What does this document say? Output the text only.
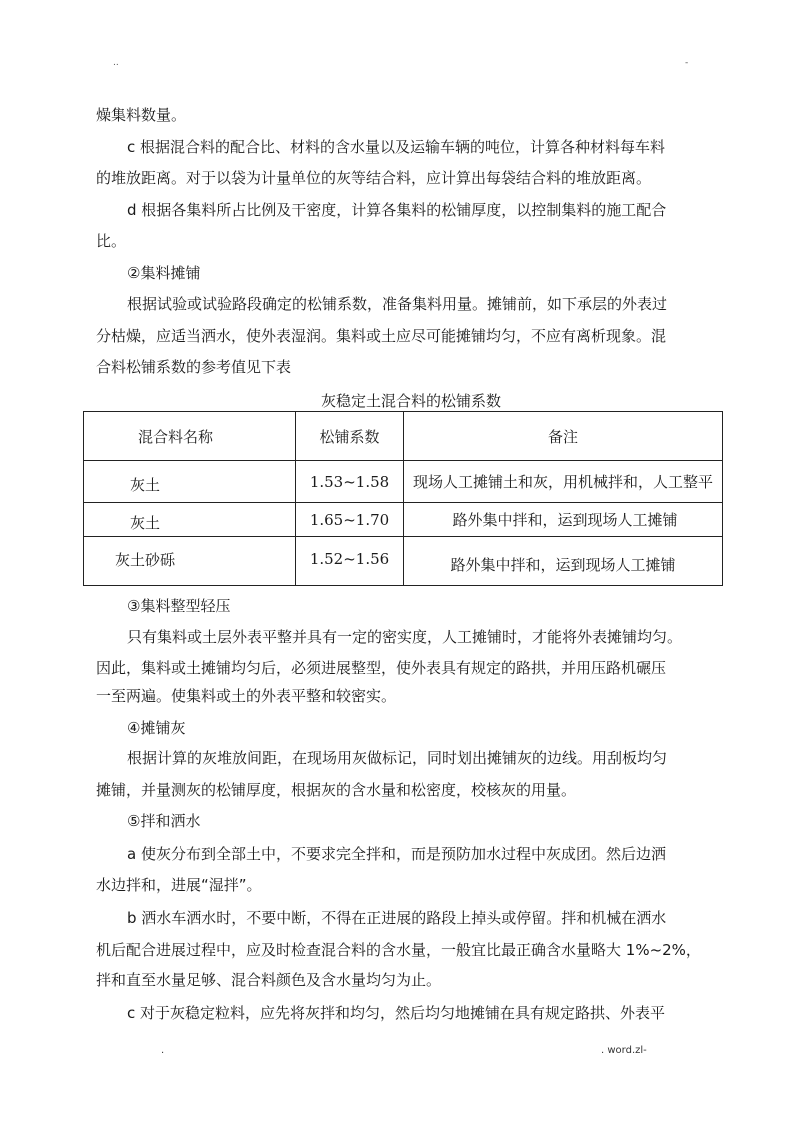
..	-
燥集料数量。
c 根据混合料的配合比、材料的含水量以及运输车辆的吨位，计算各种材料每车料
的堆放距离。对于以袋为计量单位的灰等结合料，应计算出每袋结合料的堆放距离。
d 根据各集料所占比例及干密度，计算各集料的松铺厚度，以控制集料的施工配合
比。
②集料摊铺
根据试验或试验路段确定的松铺系数，准备集料用量。摊铺前，如下承层的外表过
分枯燥，应适当洒水，使外表湿润。集料或土应尽可能摊铺均匀，不应有离析现象。混
合料松铺系数的参考值见下表
灰稳定土混合料的松铺系数
混合料名称	松铺系数	备注
灰土	1.53~1.58	现场人工摊铺土和灰，用机械拌和，人工整平
灰土	1.65~1.70	路外集中拌和，运到现场人工摊铺
灰土砂砾	1.52~1.56	路外集中拌和，运到现场人工摊铺
③集料整型轻压
只有集料或土层外表平整并具有一定的密实度，人工摊铺时，才能将外表摊铺均匀。
因此，集料或土摊铺均匀后，必须进展整型，使外表具有规定的路拱，并用压路机碾压
一至两遍。使集料或土的外表平整和较密实。
④摊铺灰
根据计算的灰堆放间距，在现场用灰做标记，同时划出摊铺灰的边线。用刮板均匀
摊铺，并量测灰的松铺厚度，根据灰的含水量和松密度，校核灰的用量。
⑤拌和洒水
a 使灰分布到全部土中，不要求完全拌和，而是预防加水过程中灰成团。然后边洒
水边拌和，进展“湿拌”。
b 洒水车洒水时，不要中断，不得在正进展的路段上掉头或停留。拌和机械在洒水
机后配合进展过程中，应及时检查混合料的含水量，一般宜比最正确含水量略大 1%~2%，
拌和直至水量足够、混合料颜色及含水量均匀为止。
c 对于灰稳定粒料，应先将灰拌和均匀，然后均匀地摊铺在具有规定路拱、外表平
.	. word.zl-
